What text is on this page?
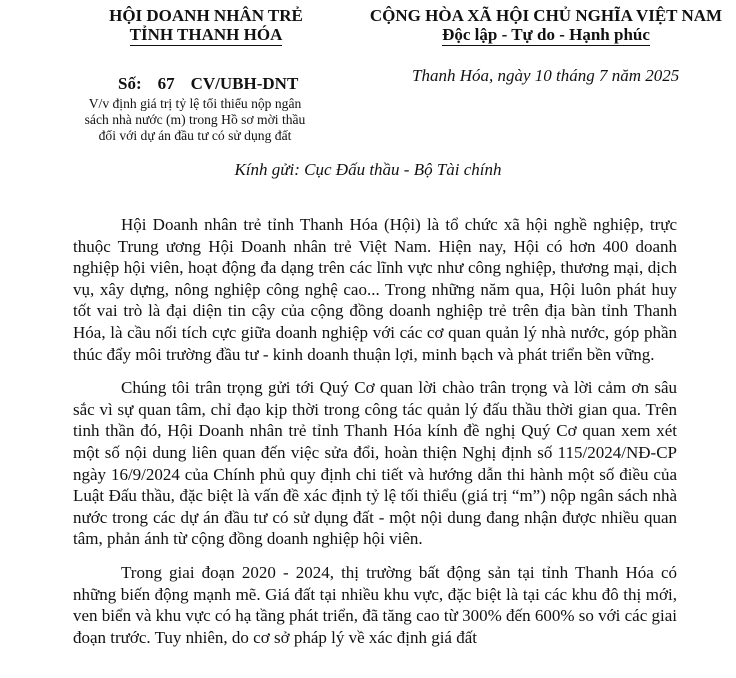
HỘI DOANH NHÂN TRẺ
TỈNH THANH HÓA
CỘNG HÒA XÃ HỘI CHỦ NGHĨA VIỆT NAM
Độc lập - Tự do - Hạnh phúc
Số: 67 CV/UBH-DNT	Thanh Hóa, ngày 10 tháng 7 năm 2025
V/v định giá trị tỷ lệ tối thiểu nộp ngân
sách nhà nước (m) trong Hồ sơ mời thầu
đối với dự án đầu tư có sử dụng đất
Kính gửi: Cục Đấu thầu - Bộ Tài chính

Hội Doanh nhân trẻ tỉnh Thanh Hóa (Hội) là tổ chức xã hội nghề nghiệp, trực thuộc Trung ương Hội Doanh nhân trẻ Việt Nam. Hiện nay, Hội có hơn 400 doanh nghiệp hội viên, hoạt động đa dạng trên các lĩnh vực như công nghiệp, thương mại, dịch vụ, xây dựng, nông nghiệp công nghệ cao... Trong những năm qua, Hội luôn phát huy tốt vai trò là đại diện tin cậy của cộng đồng doanh nghiệp trẻ trên địa bàn tỉnh Thanh Hóa, là cầu nối tích cực giữa doanh nghiệp với các cơ quan quản lý nhà nước, góp phần thúc đẩy môi trường đầu tư - kinh doanh thuận lợi, minh bạch và phát triển bền vững.

Chúng tôi trân trọng gửi tới Quý Cơ quan lời chào trân trọng và lời cảm ơn sâu sắc vì sự quan tâm, chỉ đạo kịp thời trong công tác quản lý đấu thầu thời gian qua. Trên tinh thần đó, Hội Doanh nhân trẻ tỉnh Thanh Hóa kính đề nghị Quý Cơ quan xem xét một số nội dung liên quan đến việc sửa đổi, hoàn thiện Nghị định số 115/2024/NĐ-CP ngày 16/9/2024 của Chính phủ quy định chi tiết và hướng dẫn thi hành một số điều của Luật Đấu thầu, đặc biệt là vấn đề xác định tỷ lệ tối thiểu (giá trị “m”) nộp ngân sách nhà nước trong các dự án đầu tư có sử dụng đất - một nội dung đang nhận được nhiều quan tâm, phản ánh từ cộng đồng doanh nghiệp hội viên.

Trong giai đoạn 2020 - 2024, thị trường bất động sản tại tỉnh Thanh Hóa có những biến động mạnh mẽ. Giá đất tại nhiều khu vực, đặc biệt là tại các khu đô thị mới, ven biển và khu vực có hạ tầng phát triển, đã tăng cao từ 300% đến 600% so với các giai đoạn trước. Tuy nhiên, do cơ sở pháp lý về xác định giá đất
